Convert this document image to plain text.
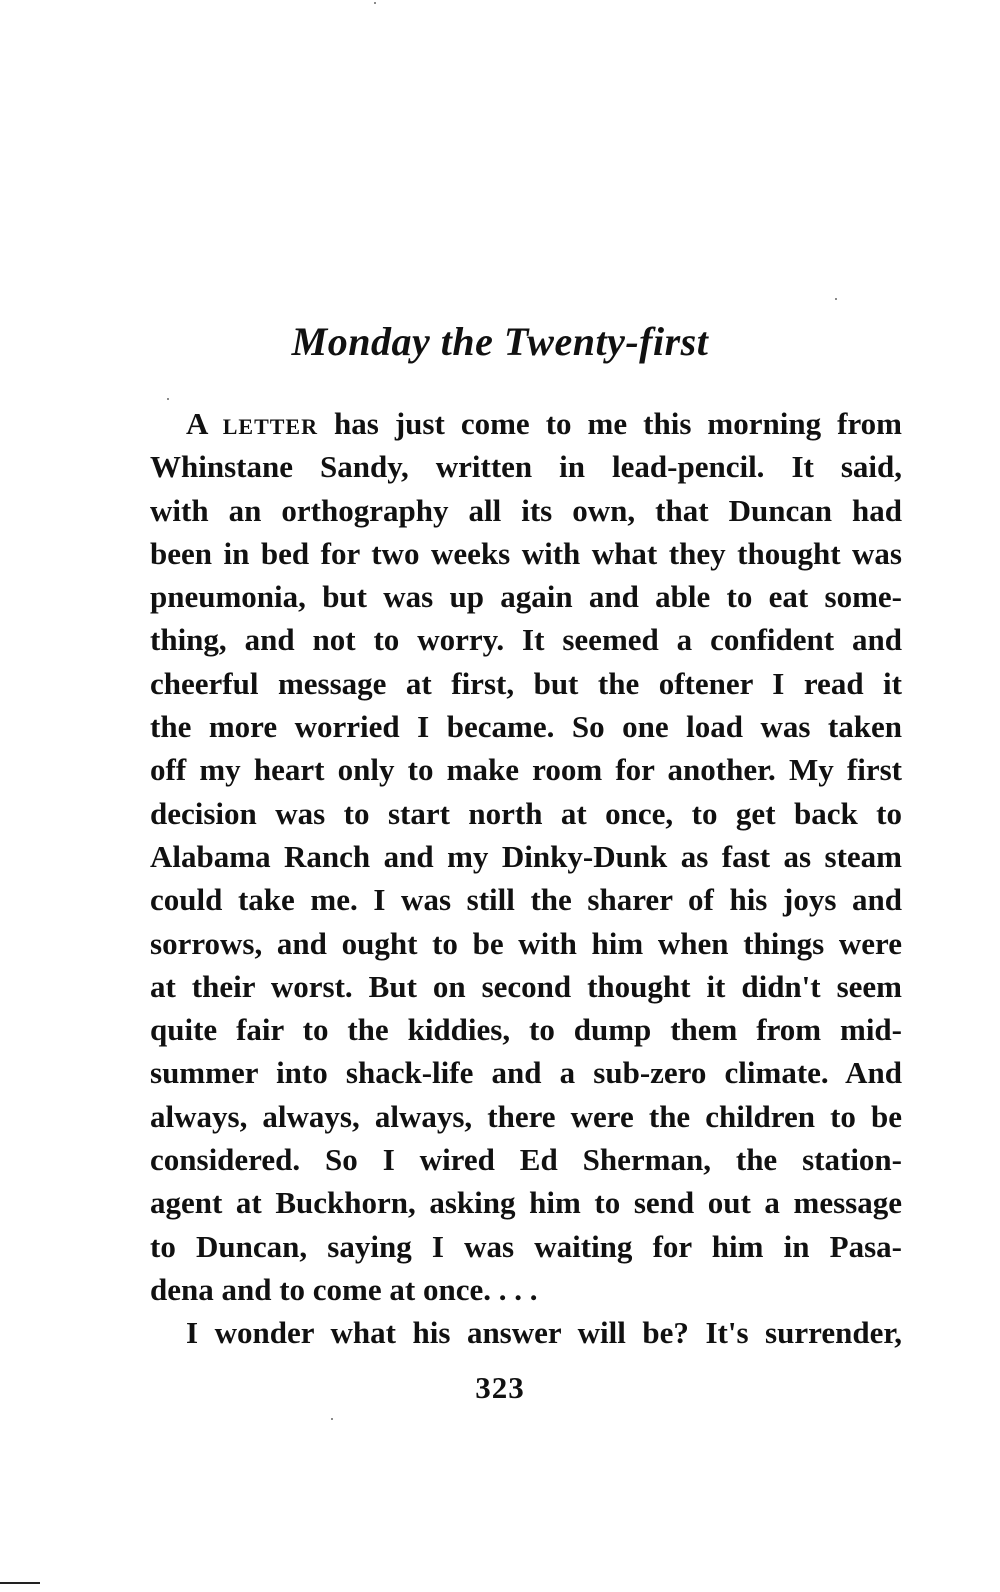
Monday the Twenty-first
A letter has just come to me this morning from
Whinstane Sandy, written in lead-pencil. It said,
with an orthography all its own, that Duncan had
been in bed for two weeks with what they thought was
pneumonia, but was up again and able to eat some-
thing, and not to worry. It seemed a confident and
cheerful message at first, but the oftener I read it
the more worried I became. So one load was taken
off my heart only to make room for another. My first
decision was to start north at once, to get back to
Alabama Ranch and my Dinky-Dunk as fast as steam
could take me. I was still the sharer of his joys and
sorrows, and ought to be with him when things were
at their worst. But on second thought it didn't seem
quite fair to the kiddies, to dump them from mid-
summer into shack-life and a sub-zero climate. And
always, always, always, there were the children to be
considered. So I wired Ed Sherman, the station-
agent at Buckhorn, asking him to send out a message
to Duncan, saying I was waiting for him in Pasa-
dena and to come at once. . . .
I wonder what his answer will be? It's surrender,
323
